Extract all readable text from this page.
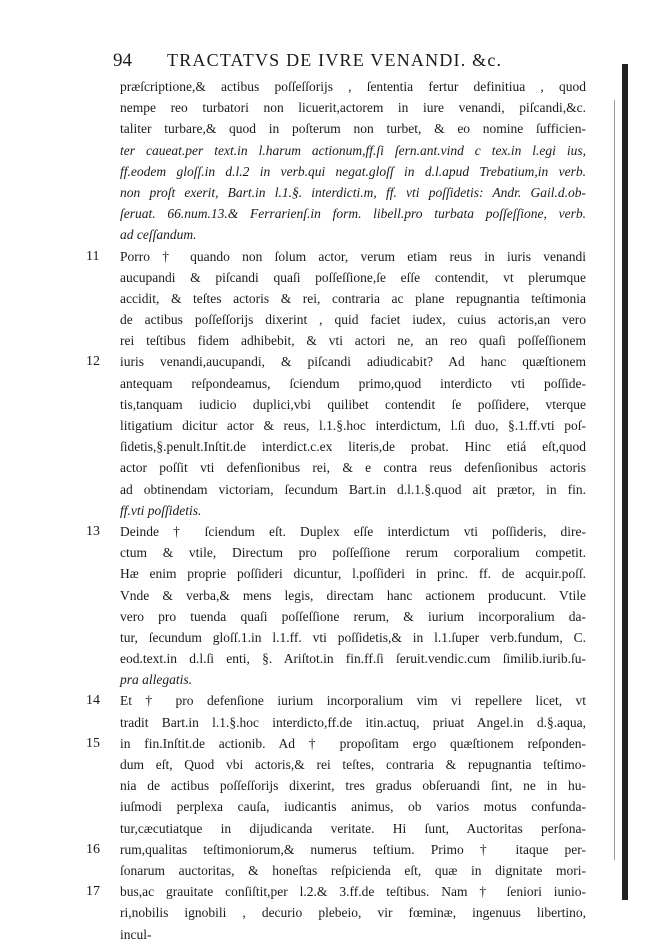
94 TRACTATVS DE IVRE VENANDI. &c.
præſcriptione,& actibus poſſeſſorijs , ſententia fertur definitiua , quod
nempe reo turbatori non licuerit,actorem in iure venandi, piſcandi,&c.
taliter turbare,& quod in poſterum non turbet, & eo nomine ſufficien-
ter caueat.per text.in l.harum actionum,ff.ſi ſern.ant.vind c tex.in l.egi ius,
ff.eodem gloſſ.in d.l.2 in verb.qui negat.gloſſ in d.l.apud Trebatium,in verb.
non proſt exerit, Bart.in l.1.§. interdicti.m, ff. vti poſſidetis: Andr. Gail.d.ob-
ſeruat. 66.num.13.& Ferrarienſ.in form. libell.pro turbata poſſeſſione, verb.
ad ceſſandum.
11	Porro † quando non ſolum actor, verum etiam reus in iuris venandi
aucupandi & piſcandi quaſi poſſeſſione,ſe eſſe contendit, vt plerumque
accidit, & teſtes actoris & rei, contraria ac plane repugnantia teſtimonia
de actibus poſſeſſorijs dixerint , quid faciet iudex, cuius actoris,an vero
rei teſtibus fidem adhibebit, & vti actori ne, an reo quaſi poſſeſſionem
12	iuris venandi,aucupandi, & piſcandi adiudicabit? Ad hanc quæſtionem
antequam reſpondeamus, ſciendum primo,quod interdicto vti poſſide-
tis,tanquam iudicio duplici,vbi quilibet contendit ſe poſſidere, vterque
litigatium dicitur actor & reus, l.1.§.hoc interdictum, l.ſi duo, §.1.ff.vti poſ-
ſidetis,§.penult.Inſtit.de interdict.c.ex literis,de probat. Hinc etiá eſt,quod
actor poſſit vti defenſionibus rei, & e contra reus defenſionibus actoris
ad obtinendam victoriam, ſecundum Bart.in d.l.1.§.quod ait prætor, in fin.
ff.vti poſſidetis.
13	Deinde † ſciendum eſt. Duplex eſſe interdictum vti poſſideris, dire-
ctum & vtile, Directum pro poſſeſſione rerum corporalium competit.
Hæ enim proprie poſſideri dicuntur, l.poſſideri in princ. ff. de acquir.poſſ.
Vnde & verba,& mens legis, directam hanc actionem producunt. Vtile
vero pro tuenda quaſi poſſeſſione rerum, & iurium incorporalium da-
tur, ſecundum gloſſ.1.in l.1.ff. vti poſſidetis,& in l.1.ſuper verb.fundum, C.
eod.text.in d.l.ſi enti, §. Ariſtot.in fin.ff.ſi ſeruit.vendic.cum ſimilib.iurib.ſu-
pra allegatis.
14	Et † pro defenſione iurium incorporalium vim vi repellere licet, vt
tradit Bart.in l.1.§.hoc interdicto,ff.de itin.actuq, priuat Angel.in d.§.aqua,
15	in fin.Inſtit.de actionib. Ad † propoſitam ergo quæſtionem reſponden-
dum eſt, Quod vbi actoris,& rei teſtes, contraria & repugnantia teſtimo-
nia de actibus poſſeſſorijs dixerint, tres gradus obſeruandi ſint, ne in hu-
iuſmodi perplexa cauſa, iudicantis animus, ob varios motus confunda-
tur,cæcutiatque in dijudicanda veritate. Hi ſunt, Auctoritas perſona-
16	rum,qualitas teſtimoniorum,& numerus teſtium. Primo † itaque per-
ſonarum auctoritas, & honeſtas reſpicienda eſt, quæ in dignitate mori-
17	bus,ac grauitate conſiſtit,per l.2.& 3.ff.de teſtibus. Nam † ſeniori iunio-
ri,nobilis ignobili , decurio plebeio, vir fœminæ, ingenuus libertino,
incul-
